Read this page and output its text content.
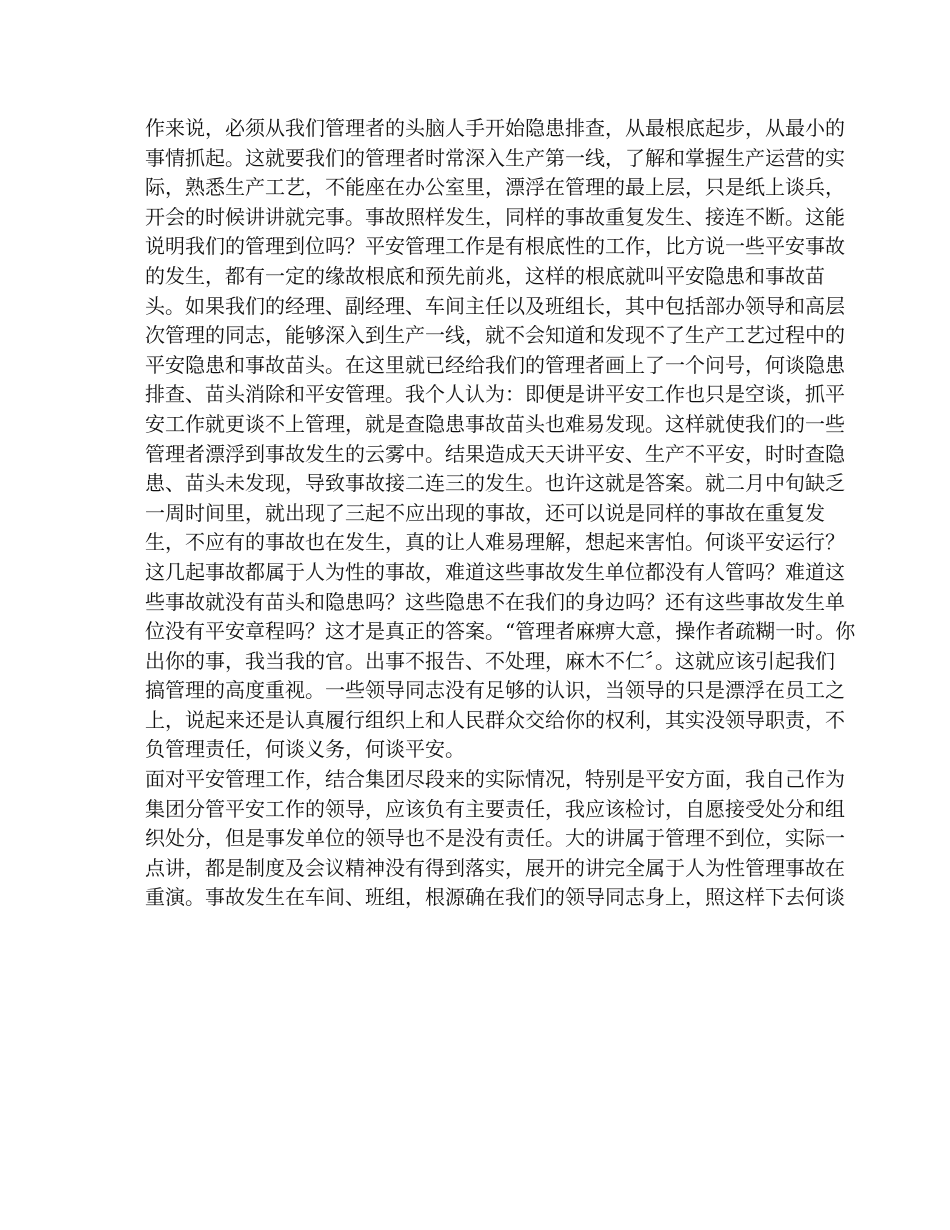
作来说，必须从我们管理者的头脑人手开始隐患排查，从最根底起步，从最小的
事情抓起。这就要我们的管理者时常深入生产第一线，了解和掌握生产运营的实
际，熟悉生产工艺，不能座在办公室里，漂浮在管理的最上层，只是纸上谈兵，
开会的时候讲讲就完事。事故照样发生，同样的事故重复发生、接连不断。这能
说明我们的管理到位吗？平安管理工作是有根底性的工作，比方说一些平安事故
的发生，都有一定的缘故根底和预先前兆，这样的根底就叫平安隐患和事故苗
头。如果我们的经理、副经理、车间主任以及班组长，其中包括部办领导和高层
次管理的同志，能够深入到生产一线，就不会知道和发现不了生产工艺过程中的
平安隐患和事故苗头。在这里就已经给我们的管理者画上了一个问号，何谈隐患
排查、苗头消除和平安管理。我个人认为：即便是讲平安工作也只是空谈，抓平
安工作就更谈不上管理，就是查隐患事故苗头也难易发现。这样就使我们的一些
管理者漂浮到事故发生的云雾中。结果造成天天讲平安、生产不平安，时时查隐
患、苗头未发现，导致事故接二连三的发生。也许这就是答案。就二月中旬缺乏
一周时间里，就出现了三起不应出现的事故，还可以说是同样的事故在重复发
生，不应有的事故也在发生，真的让人难易理解，想起来害怕。何谈平安运行？
这几起事故都属于人为性的事故，难道这些事故发生单位都没有人管吗？难道这
些事故就没有苗头和隐患吗？这些隐患不在我们的身边吗？还有这些事故发生单
位没有平安章程吗？这才是真正的答案。“管理者麻痹大意，操作者疏糊一时。你
出你的事，我当我的官。出事不报告、不处理，麻木不仁〞。这就应该引起我们
搞管理的高度重视。一些领导同志没有足够的认识，当领导的只是漂浮在员工之
上，说起来还是认真履行组织上和人民群众交给你的权利，其实没领导职责，不
负管理责任，何谈义务，何谈平安。
面对平安管理工作，结合集团尽段来的实际情况，特别是平安方面，我自己作为
集团分管平安工作的领导，应该负有主要责任，我应该检讨，自愿接受处分和组
织处分，但是事发单位的领导也不是没有责任。大的讲属于管理不到位，实际一
点讲，都是制度及会议精神没有得到落实，展开的讲完全属于人为性管理事故在
重演。事故发生在车间、班组，根源确在我们的领导同志身上，照这样下去何谈
